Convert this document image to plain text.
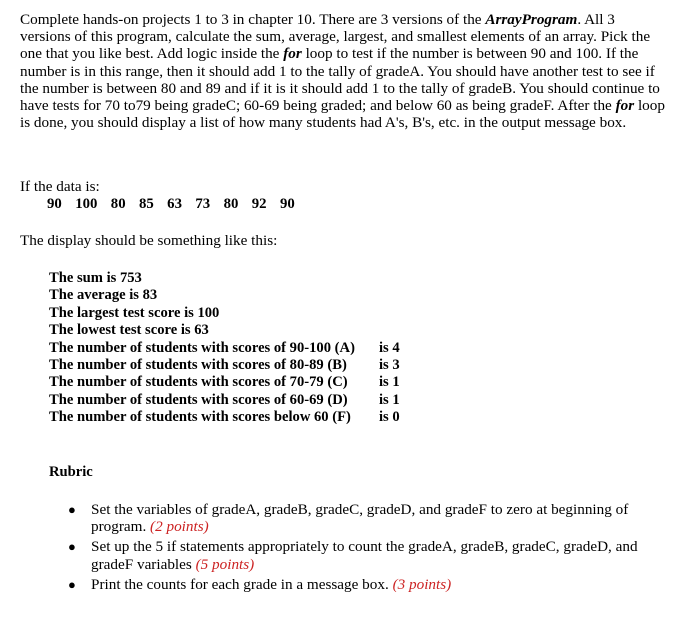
Complete hands-on projects 1 to 3 in chapter 10. There are 3 versions of the ArrayProgram. All 3 versions of this program, calculate the sum, average, largest, and smallest elements of an array. Pick the one that you like best. Add logic inside the for loop to test if the number is between 90 and 100. If the number is in this range, then it should add 1 to the tally of gradeA. You should have another test to see if the number is between 80 and 89 and if it is it should add 1 to the tally of gradeB. You should continue to have tests for 70 to79 being gradeC; 60-69 being graded; and below 60 as being gradeF. After the for loop is done, you should display a list of how many students had A's, B's, etc. in the output message box.

If the data is:
90  100  80  85  63  73  80  92  90
The display should be something like this:
The sum is 753
The average is 83
The largest test score is 100
The lowest test score is 63
The number of students with scores of 90-100 (A) is 4
The number of students with scores of 80-89 (B) is 3
The number of students with scores of 70-79 (C) is 1
The number of students with scores of 60-69 (D) is 1
The number of students with scores below 60 (F) is 0
Rubric
● Set the variables of gradeA, gradeB, gradeC, gradeD, and gradeF to zero at beginning of program. (2 points)
● Set up the 5 if statements appropriately to count the gradeA, gradeB, gradeC, gradeD, and gradeF variables (5 points)
● Print the counts for each grade in a message box. (3 points)
